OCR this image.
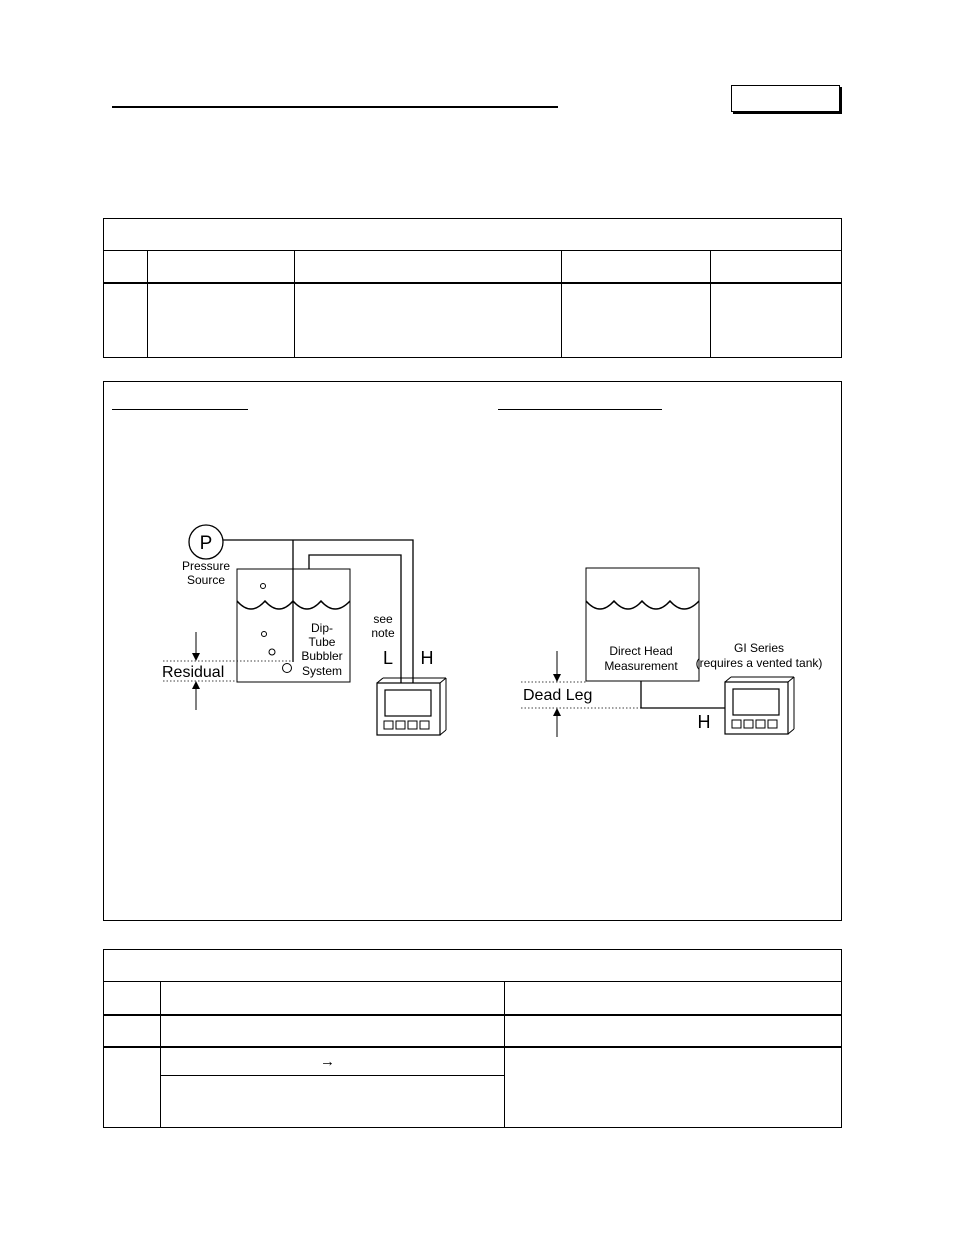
P
Pressure
Source
Dip-
Tube
Bubbler
System
see
note
L H
Residual
Direct Head
Measurement
H
GI Series
(requires a vented tank)
Dead Leg

	→	
